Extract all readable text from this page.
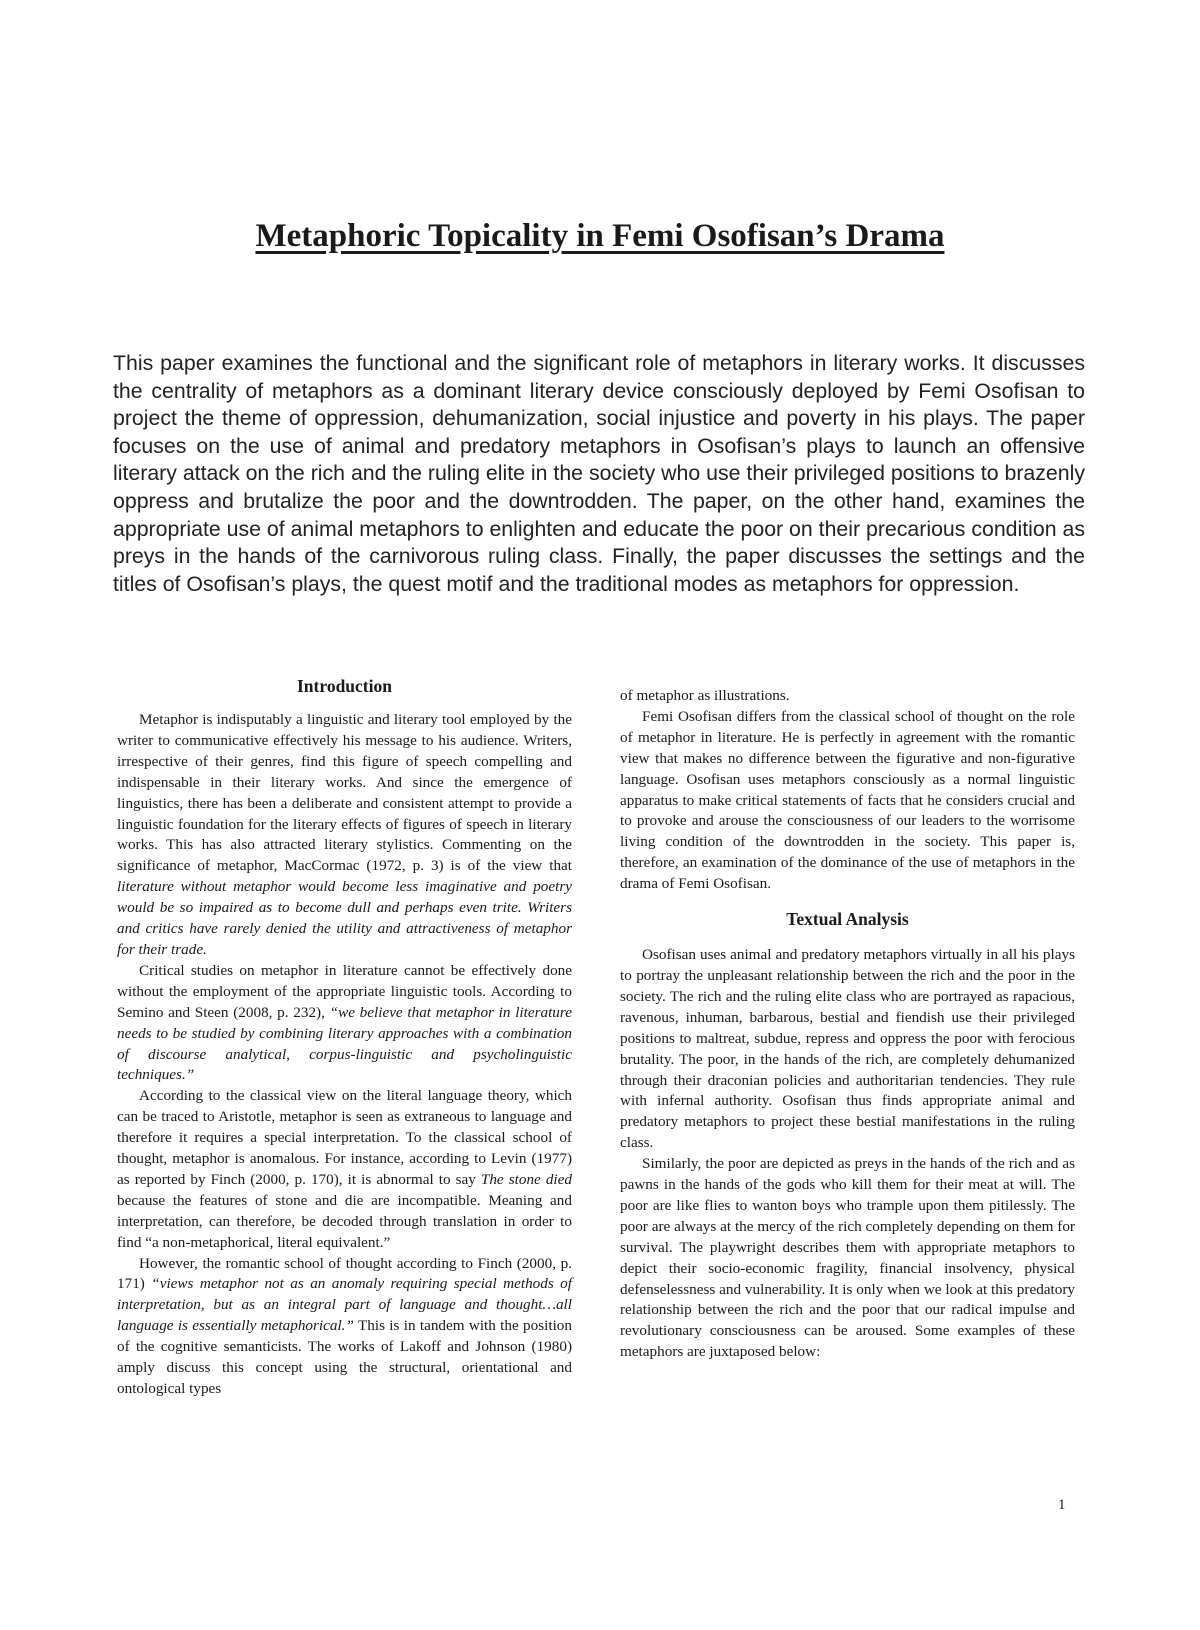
Metaphoric Topicality in Femi Osofisan’s Drama

This paper examines the functional and the significant role of metaphors in literary works. It discusses the centrality of metaphors as a dominant literary device consciously deployed by Femi Osofisan to project the theme of oppression, dehumanization, social injustice and poverty in his plays. The paper focuses on the use of animal and predatory metaphors in Osofisan’s plays to launch an offensive literary attack on the rich and the ruling elite in the society who use their privileged positions to brazenly oppress and brutalize the poor and the downtrodden. The paper, on the other hand, examines the appropriate use of animal metaphors to enlighten and educate the poor on their precarious condition as preys in the hands of the carnivorous ruling class. Finally, the paper discusses the settings and the titles of Osofisan’s plays, the quest motif and the traditional modes as metaphors for oppression.

Introduction

Metaphor is indisputably a linguistic and literary tool employed by the writer to communicative effectively his message to his audience. Writers, irrespective of their genres, find this figure of speech compelling and indispensable in their literary works. And since the emergence of linguistics, there has been a deliberate and consistent attempt to provide a linguistic foundation for the literary effects of figures of speech in literary works. This has also attracted literary stylistics. Commenting on the significance of metaphor, MacCormac (1972, p. 3) is of the view that literature without metaphor would become less imaginative and poetry would be so impaired as to become dull and perhaps even trite. Writers and critics have rarely denied the utility and attractiveness of metaphor for their trade.

Critical studies on metaphor in literature cannot be effectively done without the employment of the appropriate linguistic tools. According to Semino and Steen (2008, p. 232), “we believe that metaphor in literature needs to be studied by combining literary approaches with a combination of discourse analytical, corpus-linguistic and psycholinguistic techniques.”

According to the classical view on the literal language theory, which can be traced to Aristotle, metaphor is seen as extraneous to language and therefore it requires a special interpretation. To the classical school of thought, metaphor is anomalous. For instance, according to Levin (1977) as reported by Finch (2000, p. 170), it is abnormal to say The stone died because the features of stone and die are incompatible. Meaning and interpretation, can therefore, be decoded through translation in order to find “a non-metaphorical, literal equivalent.”

However, the romantic school of thought according to Finch (2000, p. 171) “views metaphor not as an anomaly requiring special methods of interpretation, but as an integral part of language and thought…all language is essentially metaphorical.” This is in tandem with the position of the cognitive semanticists. The works of Lakoff and Johnson (1980) amply discuss this concept using the structural, orientational and ontological types

of metaphor as illustrations.

Femi Osofisan differs from the classical school of thought on the role of metaphor in literature. He is perfectly in agreement with the romantic view that makes no difference between the figurative and non-figurative language. Osofisan uses metaphors consciously as a normal linguistic apparatus to make critical statements of facts that he considers crucial and to provoke and arouse the consciousness of our leaders to the worrisome living condition of the downtrodden in the society. This paper is, therefore, an examination of the dominance of the use of metaphors in the drama of Femi Osofisan.

Textual Analysis

Osofisan uses animal and predatory metaphors virtually in all his plays to portray the unpleasant relationship between the rich and the poor in the society. The rich and the ruling elite class who are portrayed as rapacious, ravenous, inhuman, barbarous, bestial and fiendish use their privileged positions to maltreat, subdue, repress and oppress the poor with ferocious brutality. The poor, in the hands of the rich, are completely dehumanized through their draconian policies and authoritarian tendencies. They rule with infernal authority. Osofisan thus finds appropriate animal and predatory metaphors to project these bestial manifestations in the ruling class.

Similarly, the poor are depicted as preys in the hands of the rich and as pawns in the hands of the gods who kill them for their meat at will. The poor are like flies to wanton boys who trample upon them pitilessly. The poor are always at the mercy of the rich completely depending on them for survival. The playwright describes them with appropriate metaphors to depict their socio-economic fragility, financial insolvency, physical defenselessness and vulnerability. It is only when we look at this predatory relationship between the rich and the poor that our radical impulse and revolutionary consciousness can be aroused. Some examples of these metaphors are juxtaposed below:

1
